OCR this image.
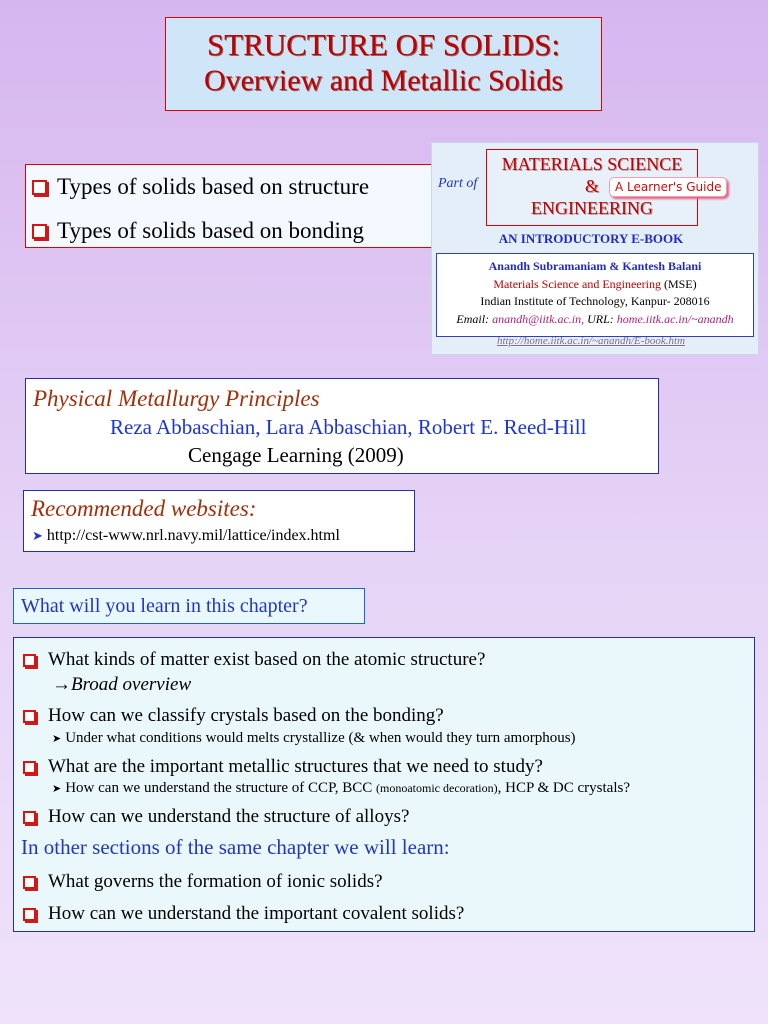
STRUCTURE OF SOLIDS:
Overview and Metallic Solids
Types of solids based on structure
Types of solids based on bonding
Part of
MATERIALS SCIENCE
&
ENGINEERING
A Learner's Guide
AN INTRODUCTORY E-BOOK
Anandh Subramaniam & Kantesh Balani
Materials Science and Engineering (MSE)
Indian Institute of Technology, Kanpur- 208016
Email: anandh@iitk.ac.in, URL: home.iitk.ac.in/~anandh
http://home.iitk.ac.in/~anandh/E-book.htm
Physical Metallurgy Principles
Reza Abbaschian, Lara Abbaschian, Robert E. Reed-Hill
Cengage Learning (2009)
Recommended websites:
➤ http://cst-www.nrl.navy.mil/lattice/index.html
What will you learn in this chapter?
What kinds of matter exist based on the atomic structure?
→Broad overview
How can we classify crystals based on the bonding?
➤ Under what conditions would melts crystallize (& when would they turn amorphous)
What are the important metallic structures that we need to study?
➤ How can we understand the structure of CCP, BCC (monoatomic decoration), HCP & DC crystals?
How can we understand the structure of alloys?
In other sections of the same chapter we will learn:
What governs the formation of ionic solids?
How can we understand the important covalent solids?
